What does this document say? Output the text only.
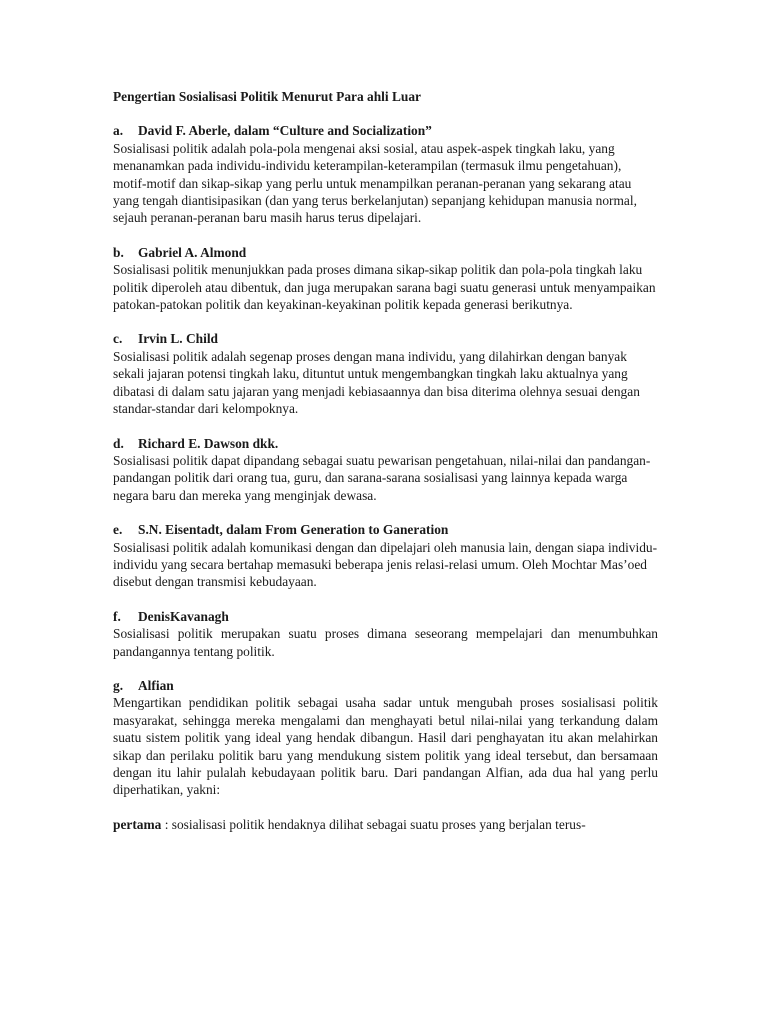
Pengertian Sosialisasi Politik Menurut Para ahli Luar
a. David F. Aberle, dalam “Culture and Socialization”
Sosialisasi politik adalah pola-pola mengenai aksi sosial, atau aspek-aspek tingkah laku, yang menanamkan pada individu-individu keterampilan-keterampilan (termasuk ilmu pengetahuan), motif-motif dan sikap-sikap yang perlu untuk menampilkan peranan-peranan yang sekarang atau yang tengah diantisipasikan (dan yang terus berkelanjutan) sepanjang kehidupan manusia normal, sejauh peranan-peranan baru masih harus terus dipelajari.
b. Gabriel A. Almond
Sosialisasi politik menunjukkan pada proses dimana sikap-sikap politik dan pola-pola tingkah laku politik diperoleh atau dibentuk, dan juga merupakan sarana bagi suatu generasi untuk menyampaikan patokan-patokan politik dan keyakinan-keyakinan politik kepada generasi berikutnya.
c. Irvin L. Child
Sosialisasi politik adalah segenap proses dengan mana individu, yang dilahirkan dengan banyak sekali jajaran potensi tingkah laku, dituntut untuk mengembangkan tingkah laku aktualnya yang dibatasi di dalam satu jajaran yang menjadi kebiasaannya dan bisa diterima olehnya sesuai dengan standar-standar dari kelompoknya.
d. Richard E. Dawson dkk.
Sosialisasi politik dapat dipandang sebagai suatu pewarisan pengetahuan, nilai-nilai dan pandangan-pandangan politik dari orang tua, guru, dan sarana-sarana sosialisasi yang lainnya kepada warga negara baru dan mereka yang menginjak dewasa.
e. S.N. Eisentadt, dalam From Generation to Ganeration
Sosialisasi politik adalah komunikasi dengan dan dipelajari oleh manusia lain, dengan siapa individu-individu yang secara bertahap memasuki beberapa jenis relasi-relasi umum. Oleh Mochtar Mas’oed disebut dengan transmisi kebudayaan.
f. DenisKavanagh
Sosialisasi politik merupakan suatu proses dimana seseorang mempelajari dan menumbuhkan pandangannya tentang politik.
g. Alfian
Mengartikan pendidikan politik sebagai usaha sadar untuk mengubah proses sosialisasi politik masyarakat, sehingga mereka mengalami dan menghayati betul nilai-nilai yang terkandung dalam suatu sistem politik yang ideal yang hendak dibangun. Hasil dari penghayatan itu akan melahirkan sikap dan perilaku politik baru yang mendukung sistem politik yang ideal tersebut, dan bersamaan dengan itu lahir pulalah kebudayaan politik baru. Dari pandangan Alfian, ada dua hal yang perlu diperhatikan, yakni:
pertama : sosialisasi politik hendaknya dilihat sebagai suatu proses yang berjalan terus-
